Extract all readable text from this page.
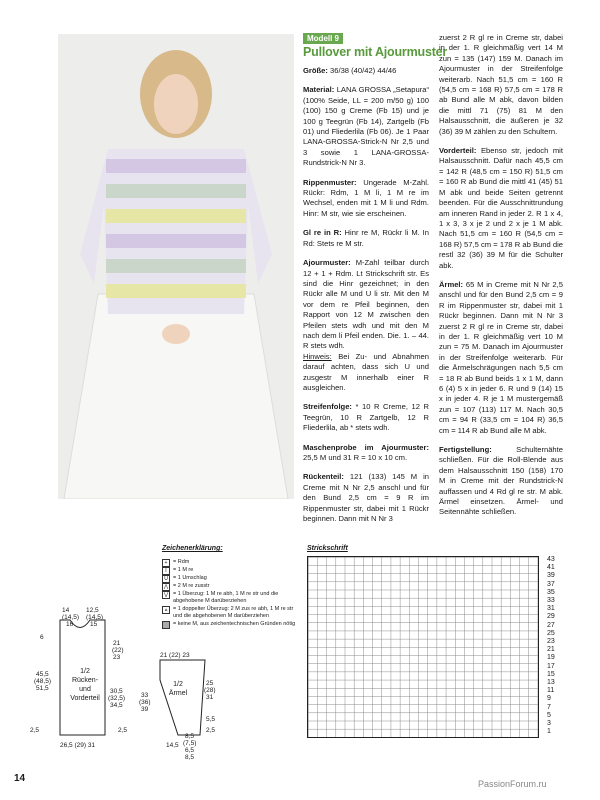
Modell 9
Pullover mit Ajourmuster

Größe: 36/38 (40/42) 44/46

Material: LANA GROSSA „Setapura“ (100% Seide, LL = 200 m/50 g) 100 (100) 150 g Creme (Fb 15) und je 100 g Teegrün (Fb 14), Zartgelb (Fb 01) und Fliederlila (Fb 06). Je 1 Paar LANA-GROSSA-Strick-N Nr 2,5 und 3 sowie 1 LANA-GROSSA-Rundstrick-N Nr 3.

Rippenmuster: Ungerade M-Zahl. Rückr: Rdm, 1 M li, 1 M re im Wechsel, enden mit 1 M li und Rdm. Hinr: M str, wie sie erscheinen.

Gl re in R: Hinr re M, Rückr li M. In Rd: Stets re M str.

Ajourmuster: M-Zahl teilbar durch 12 + 1 + Rdm. Lt Strickschrift str. Es sind die Hinr gezeichnet; in den Rückr alle M und U li str. Mit den M vor dem re Pfeil beginnen, den Rapport von 12 M zwischen den Pfeilen stets wdh und mit den M nach dem li Pfeil enden. Die. 1. – 44. R stets wdh.

Hinweis: Bei Zu- und Abnahmen darauf achten, dass sich U und zusgestr M innerhalb einer R ausgleichen.

Streifenfolge: * 10 R Creme, 12 R Teegrün, 10 R Zartgelb, 12 R Fliederlila, ab * stets wdh.

Maschenprobe im Ajourmuster: 25,5 M und 31 R = 10 x 10 cm.

Rückenteil: 121 (133) 145 M in Creme mit N Nr 2,5 anschl und für den Bund 2,5 cm = 9 R im Rippenmuster str, dabei mit 1 Rückr beginnen. Dann mit N Nr 3

zuerst 2 R gl re in Creme str, dabei in der 1. R gleichmäßig vert 14 M zun = 135 (147) 159 M. Danach im Ajourmuster in der Streifenfolge weiterarb. Nach 51,5 cm = 160 R (54,5 cm = 168 R) 57,5 cm = 178 R ab Bund alle M abk, davon bilden die mittl 71 (75) 81 M den Halsausschnitt, die äußeren je 32 (36) 39 M zählen zu den Schultern.

Vorderteil: Ebenso str, jedoch mit Halsausschnitt. Dafür nach 45,5 cm = 142 R (48,5 cm = 150 R) 51,5 cm = 160 R ab Bund die mittl 41 (45) 51 M abk und beide Seiten getrennt beenden. Für die Ausschnittrundung am inneren Rand in jeder 2. R 1 x 4, 1 x 3, 3 x je 2 und 2 x je 1 M abk. Nach 51,5 cm = 160 R (54,5 cm = 168 R) 57,5 cm = 178 R ab Bund die restl 32 (36) 39 M für die Schulter abk.

Ärmel: 65 M in Creme mit N Nr 2,5 anschl und für den Bund 2,5 cm = 9 R im Rippenmuster str, dabei mit 1 Rückr beginnen. Dann mit N Nr 3 zuerst 2 R gl re in Creme str, dabei in der 1. R gleichmäßig vert 10 M zun = 75 M. Danach im Ajourmuster in der Streifenfolge weiterarb. Für die Ärmelschrägungen nach 5,5 cm = 18 R ab Bund beids 1 x 1 M, dann 6 (4) 5 x in jeder 6. R und 9 (14) 15 x in jeder 4. R je 1 M mustergemäß zun = 107 (113) 117 M. Nach 30,5 cm = 94 R (33,5 cm = 104 R) 36,5 cm = 114 R ab Bund alle M abk.

Fertigstellung:	Schulternähte schließen. Für die Roll-Blende aus dem Halsausschnitt 150 (158) 170 M in Creme mit der Rundstrick-N auffassen und 4 Rd gl re str. M abk. Ärmel einsetzen. Ärmel- und Seitennähte schließen.

Zeichenerklärung:
+	= Rdm
I	= 1 M re
U = 1 Umschlag
⋀ = 2 M re zusstr
⋁ = 1 Überzug: 1 M re abh, 1 M re str und die abgehobene M darüberziehen
⩓	= 1 doppelter Überzug: 2 M zus re abh, 1 M re str und die abgehobenen M darüberziehen
= keine M, aus zeichentechnischen Gründen nötig
14
(14,5)
16
12,5
(14,5)
15
6
45,5
(48,5)
51,5
1/2 Rücken- und Vorderteil
21
(22)
23
30,5
(32,5)
34,5
2,5	2,5
26,5 (29) 31
21 (22) 23
1/2 Ärmel
33
(36)
39
25
(28)
31
5,5
2,5
14,5
8,5
(7,5)
6,5
8,5
Strickschrift
43
41
39
37
35
33
31
29
27
25
23
21
19
17
15
13
11
9
7
5
3
1
14	PassionForum.ru
